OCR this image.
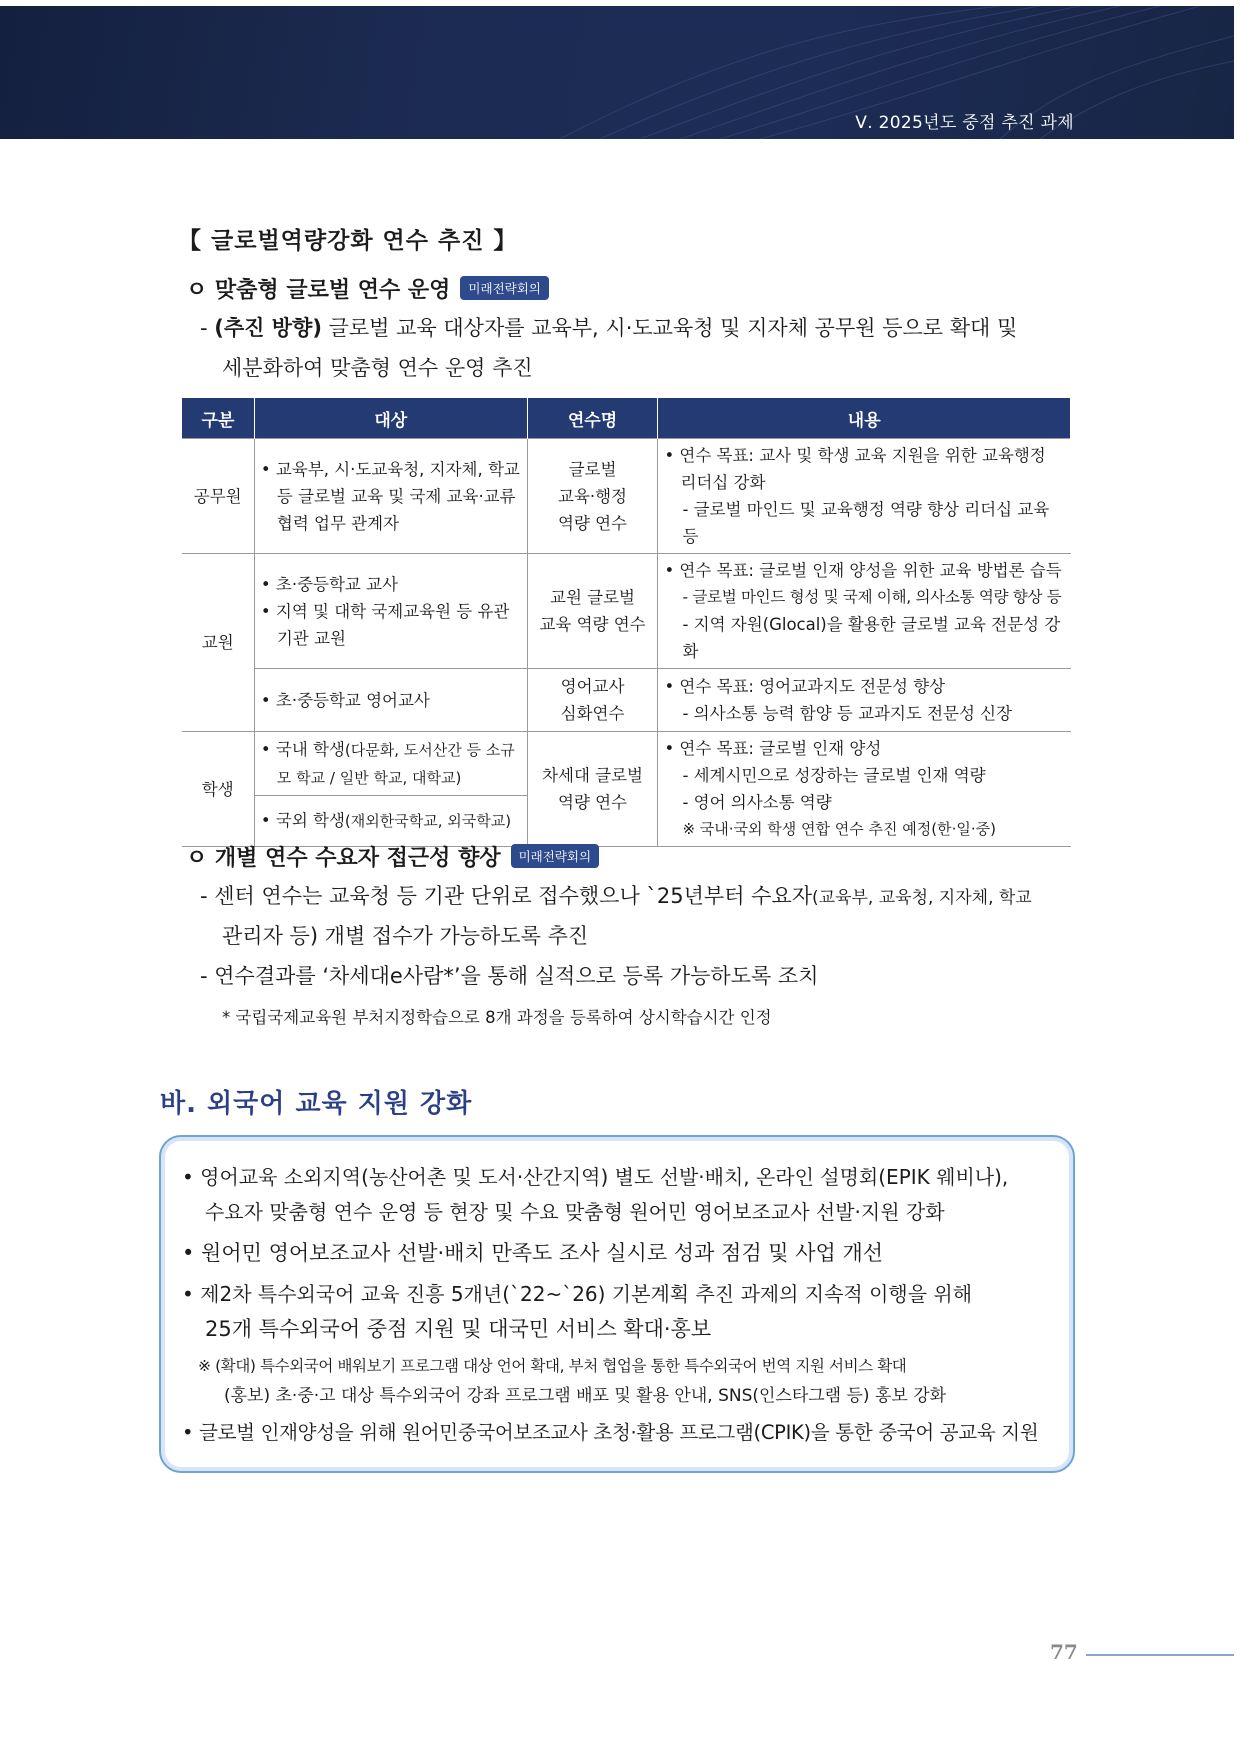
Ⅴ. 2025년도 중점 추진 과제
【 글로벌역량강화 연수 추진 】
ㅇ 맞춤형 글로벌 연수 운영 미래전략회의
- (추진 방향) 글로벌 교육 대상자를 교육부, 시·도교육청 및 지자체 공무원 등으로 확대 및
세분화하여 맞춤형 연수 운영 추진
구분	대상	연수명	내용
공무원	• 교육부, 시·도교육청, 지자체, 학교 등 글로벌 교육 및 국제 교육·교류 협력 업무 관계자	글로벌
교육·행정
역량 연수	• 연수 목표: 교사 및 학생 교육 지원을 위한 교육행정 리더십 강화
- 글로벌 마인드 및 교육행정 역량 향상 리더십 교육 등

교원	• 초·중등학교 교사
• 지역 및 대학 국제교육원 등 유관기관 교원	교원 글로벌
교육 역량 연수	• 연수 목표: 글로벌 인재 양성을 위한 교육 방법론 습득
- 글로벌 마인드 형성 및 국제 이해, 의사소통 역량 향상 등
- 지역 자원(Glocal)을 활용한 글로벌 교육 전문성 강화

	• 초·중등학교 영어교사	영어교사
심화연수	• 연수 목표: 영어교과지도 전문성 향상
- 의사소통 능력 함양 등 교과지도 전문성 신장

학생	• 국내 학생(다문화, 도서산간 등 소규모 학교 / 일반 학교, 대학교)	차세대 글로벌
역량 연수	• 연수 목표: 글로벌 인재 양성
- 세계시민으로 성장하는 글로벌 인재 역량
- 영어 의사소통 역량
※ 국내·국외 학생 연합 연수 추진 예정(한·일·중)

	• 국외 학생(재외한국학교, 외국학교)		
ㅇ 개별 연수 수요자 접근성 향상 미래전략회의
- 센터 연수는 교육청 등 기관 단위로 접수했으나 `25년부터 수요자(교육부, 교육청, 지자체, 학교
관리자 등) 개별 접수가 가능하도록 추진
- 연수결과를 ‘차세대e사람*’을 통해 실적으로 등록 가능하도록 조치
* 국립국제교육원 부처지정학습으로 8개 과정을 등록하여 상시학습시간 인정
바. 외국어 교육 지원 강화
• 영어교육 소외지역(농산어촌 및 도서·산간지역) 별도 선발·배치, 온라인 설명회(EPIK 웨비나),
수요자 맞춤형 연수 운영 등 현장 및 수요 맞춤형 원어민 영어보조교사 선발·지원 강화
• 원어민 영어보조교사 선발·배치 만족도 조사 실시로 성과 점검 및 사업 개선
• 제2차 특수외국어 교육 진흥 5개년(`22~`26) 기본계획 추진 과제의 지속적 이행을 위해
25개 특수외국어 중점 지원 및 대국민 서비스 확대·홍보
※ (확대) 특수외국어 배워보기 프로그램 대상 언어 확대, 부처 협업을 통한 특수외국어 번역 지원 서비스 확대
(홍보) 초·중·고 대상 특수외국어 강좌 프로그램 배포 및 활용 안내, SNS(인스타그램 등) 홍보 강화
• 글로벌 인재양성을 위해 원어민중국어보조교사 초청·활용 프로그램(CPIK)을 통한 중국어 공교육 지원
77
